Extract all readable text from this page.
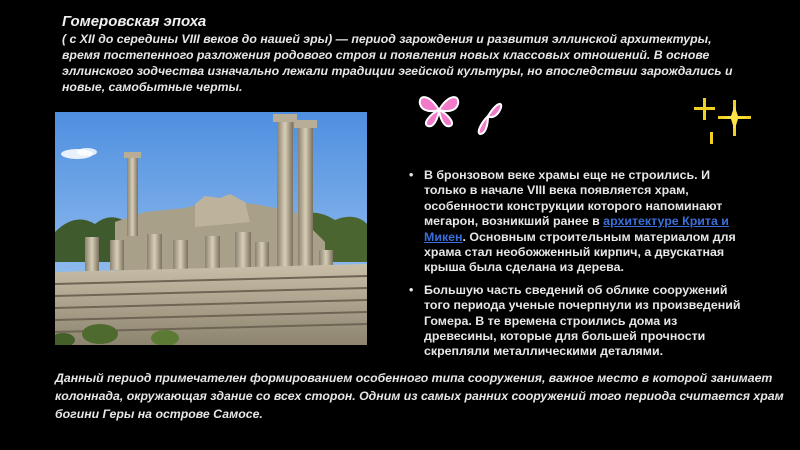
Гомеровская эпоха
( с XII до середины VIII веков до нашей эры) — период зарождения и развития эллинской архитектуры, время постепенного разложения родового строя и появления новых классовых отношений. В основе эллинского зодчества изначально лежали традиции эгейской культуры, но впоследствии зарождались и новые, самобытные черты.
• В бронзовом веке храмы еще не строились. И только в начале VIII века появляется храм, особенности конструкции которого напоминают мегарон, возникший ранее в архитектуре Крита и Микен. Основным строительным материалом для храма стал необожженный кирпич, а двускатная крыша была сделана из дерева.
• Большую часть сведений об облике сооружений того периода ученые почерпнули из произведений Гомера. В те времена строились дома из древесины, которые для большей прочности скрепляли металлическими деталями.
Данный период примечателен формированием особенного типа сооружения, важное место в которой занимает колоннада, окружающая здание со всех сторон. Одним из самых ранних сооружений того периода считается храм богини Геры на острове Самосе.
